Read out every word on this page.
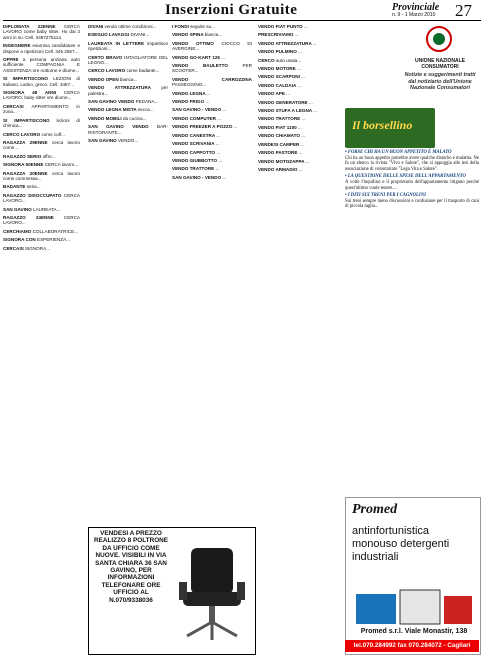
Inserzioni Gratuite	Provinciale
n. 9 - 1 Marzo 2010 27
DIPLOMATA 22ENNE CERCA LAVORO come baby sitter. Ho dai 3 anni in su. Cell. 3487275114.
INGEGNERE esamina candidature e dispone a ripetizioni Cell. 345 2567...
OFFRE a persona anziana auto sufficiente COMPAGNIA E ASSISTENZA ore notturne e diurne...
SI IMPARTISCONO LEZIONI di Italiano, Latino, greco. Cell. 3487...
SIGNORA 48 ANNI CERCA LAVORO, baby sitter ore diurne...
CERCASI APPARTAMENTO in zona...
SI IMPARTISCONO lezioni di chimica...
CERCO LAVORO come colf...
RAGAZZA 29ENNE cerca lavoro come...
RAGAZZO SERIO offre...
SIGNORA 50ENNE CERCA lavoro...
RAGAZZA 20ENNE cerca lavoro come commessa...
BADANTE seria...
RAGAZZO DISOCCUPATO CERCA LAVORO...
SAN GAVINO LAUREATA...
RAGAZZO 24ENNE CERCA LAVORO...
CERCHIAMO COLLABORATRICE...
SIGNORA CON ESPERIENZA...
CERCASI SIGNORA...
DIVANI vendo ottime condizioni...
ESEGUO LAVAGGI DIVANI...
LAUREATA IN LETTERE impartisce ripetizioni...
CERTO BRAVO INTAGLIATORE DEL LEGNO...
CERCO LAVORO come badante...
VENDO OPEN bianca...
VENDO ATTREZZATURA per palestra...
SAN GAVINO VENDO PEDANA...
VENDO LEGNA MISTA secca...
VENDO MOBILI da cucina...
SAN GAVINO VENDO BAR-RISTORANTE...
SAN GAVINO VENDO...
I FONDI seguite su...
VENDO SPINA bianca...
VENDO OTTIMO CIOCCO DI AVERGINE...
VENDO GO-KART 125 ...
VENDO BAULETTO PER SCOOTER...
VENDO CARROZZINA PASSEGGINO...
VENDO LEGNA ...
VENDO FRIGO ...
SAN GAVINO - VENDO ...
VENDO COMPUTER ...
VENDO FREEZER A POZZO ...
VENDO CANESTRA ...
VENDO SCRIVANIA ...
VENDO CAPPOTTO ...
VENDO GIUBBOTTO ...
VENDO TRATTORE ...
SAN GAVINO - VENDO ...
VENDO FIAT PUNTO ...
PRESCRIVIAMO ...
VENDO ATTREZZATURA ...
VENDO PULMINO ...
CERCO auto usata...
VENDO MOTORE ...
VENDO SCARPONI ...
VENDO CALDAIA ...
VENDO APE ...
VENDO GENERATORE ...
VENDO STUFA A LEGNA ...
VENDO TRATTORE ...
VENDO FIAT 1100 ...
VENDO CHIAMATO ...
VENDESI CAMPER ...
VENDO PASTORE ...
VENDO MOTOZAPPA ...
VENDO ARMADIO ...
VENDESI A PREZZO REALIZZO 8 POLTRONE DA UFFICIO COME NUOVE. VISIBILI IN VIA SANTA CHIARA 36 SAN GAVINO, PER INFORMAZIONI TELEFONARE ORE UFFICIO AL N.070/9338036
UNIONE NAZIONALE CONSUMATORI
Notizie e suggerimenti tratti dal notiziario dell'Unione Nazionale Consumatori
Il borsellino
• FORSE CHI HA UN BUON APPETITO È MALATO
Chi ha un buon appetito potrebbe avere qualche disturbo e malattia. Ne fa un elenco la rivista "Vivo e Salute", che si appoggia alle tesi della associazione di volontariato "Lega Vita e Salute".
• LA QUESTIONE DELLE SPESE DELL'APPARTAMENTO
A volte l'inquilino e il proprietario dell'appartamento litigano perché quest'ultimo vuole tenere....
• I DITI SUI TRENI PER I CAGNOLINI
Sui treni sempre meno discussioni e confusione per il trasporto di cani di piccola taglia...
Promed
antinfortunistica monouso detergenti industriali
Promed s.r.l. Viale Monastir, 138
tel.070.284992 fax 070.284072 - Cagliari
